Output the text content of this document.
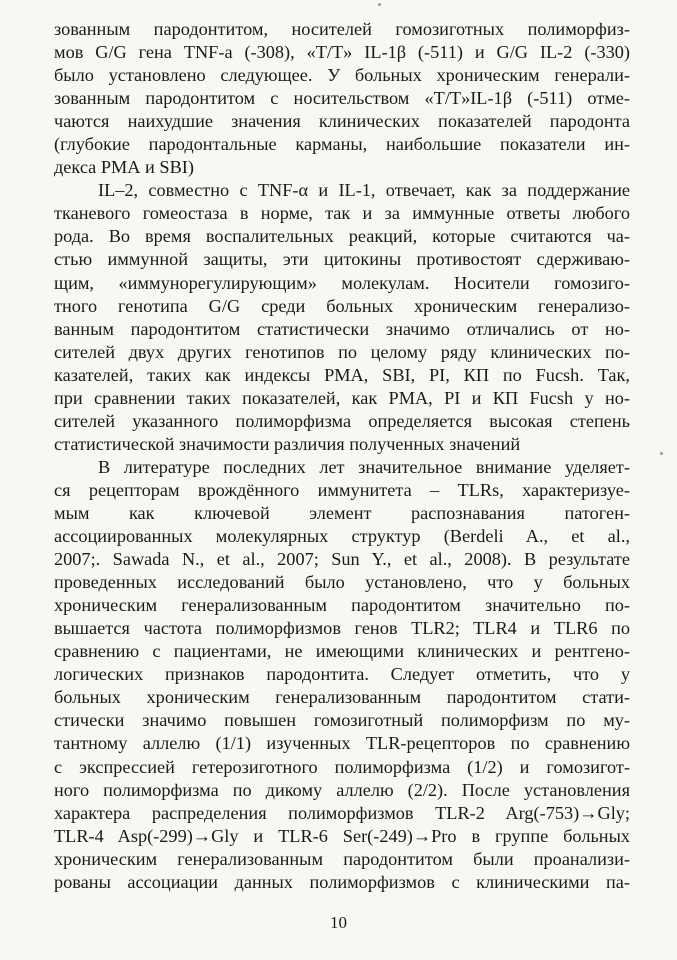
зованным пародонтитом, носителей гомозиготных полиморфиз-
мов G/G гена TNF-a (-308), «T/T» IL-1β (-511) и G/G IL-2 (-330)
было установлено следующее. У больных хроническим генерали-
зованным пародонтитом с носительством «T/T»IL-1β (-511) отме-
чаются наихудшие значения клинических показателей пародонта
(глубокие пародонтальные карманы, наибольшие показатели ин-
декса РМА и SBI)
IL–2, совместно с TNF-α и IL-1, отвечает, как за поддержание
тканевого гомеостаза в норме, так и за иммунные ответы любого
рода. Во время воспалительных реакций, которые считаются ча-
стью иммунной защиты, эти цитокины противостоят сдерживаю-
щим, «иммунорегулирующим» молекулам. Носители гомозиго-
тного генотипа G/G среди больных хроническим генерализо-
ванным пародонтитом статистически значимо отличались от но-
сителей двух других генотипов по целому ряду клинических по-
казателей, таких как индексы РМА, SBI, PI, КП по Fucsh. Так,
при сравнении таких показателей, как РМА, PI и КП Fucsh у но-
сителей указанного полиморфизма определяется высокая степень
статистической значимости различия полученных значений
В литературе последних лет значительное внимание уделяет-
ся рецепторам врождённого иммунитета – TLRs, характеризуе-
мым как ключевой элемент распознавания патоген-
ассоциированных молекулярных структур (Berdeli A., et al.,
2007;. Sawada N., et al., 2007; Sun Y., et al., 2008). В результате
проведенных исследований было установлено, что у больных
хроническим генерализованным пародонтитом значительно по-
вышается частота полиморфизмов генов TLR2; TLR4 и TLR6 по
сравнению с пациентами, не имеющими клинических и рентгено-
логических признаков пародонтита. Следует отметить, что у
больных хроническим генерализованным пародонтитом стати-
стически значимо повышен гомозиготный полиморфизм по му-
тантному аллелю (1/1) изученных TLR-рецепторов по сравнению
с экспрессией гетерозиготного полиморфизма (1/2) и гомозигот-
ного полиморфизма по дикому аллелю (2/2). После установления
характера распределения полиморфизмов TLR-2 Arg(-753)→Gly;
TLR-4 Asp(-299)→Gly и TLR-6 Ser(-249)→Pro в группе больных
хроническим генерализованным пародонтитом были проанализи-
рованы ассоциации данных полиморфизмов с клиническими па-
10
